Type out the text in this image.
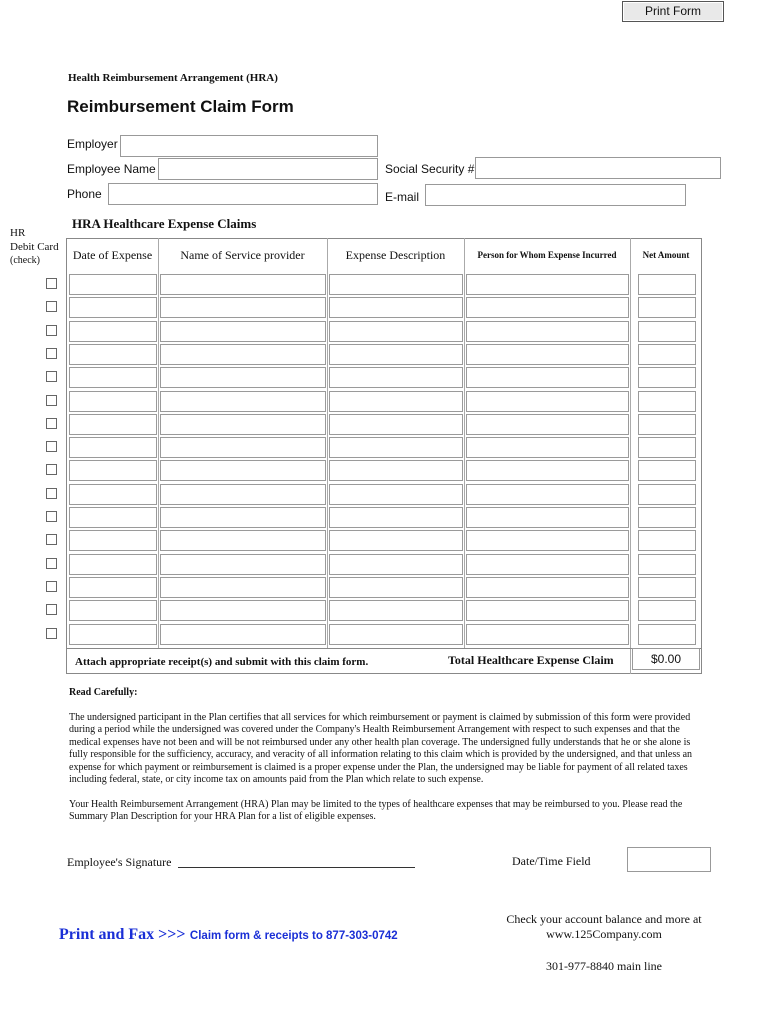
Print Form
Health Reimbursement Arrangement (HRA)
Reimbursement Claim Form
Employer
Employee Name	Social Security #
Phone	E-mail
HRA Healthcare Expense Claims
HR
Debit Card
(check)	Date of Expense	Name of Service provider	Expense Description	Person for Whom Expense Incurred	Net Amount
Attach appropriate receipt(s) and submit with this claim form.	Total Healthcare Expense Claim	$0.00
Read Carefully:
The undersigned participant in the Plan certifies that all services for which reimbursement or payment is claimed by submission of this form were provided during a period while the undersigned was covered under the Company's Health Reimbursement Arrangement with respect to such expenses and that the medical expenses have not been and will be not reimbursed under any other health plan coverage. The undersigned fully understands that he or she alone is fully responsible for the sufficiency, accuracy, and veracity of all information relating to this claim which is provided by the undersigned, and that unless an expense for which payment or reimbursement is claimed is a proper expense under the Plan, the undersigned may be liable for payment of all related taxes including federal, state, or city income tax on amounts paid from the Plan which relate to such expense.
Your Health Reimbursement Arrangement (HRA) Plan may be limited to the types of healthcare expenses that may be reimbursed to you. Please read the Summary Plan Description for your HRA Plan for a list of eligible expenses.
Employee's Signature	Date/Time Field
Print and Fax >>> Claim form & receipts to 877-303-0742
Check your account balance and more at
www.125Company.com
301-977-8840 main line
